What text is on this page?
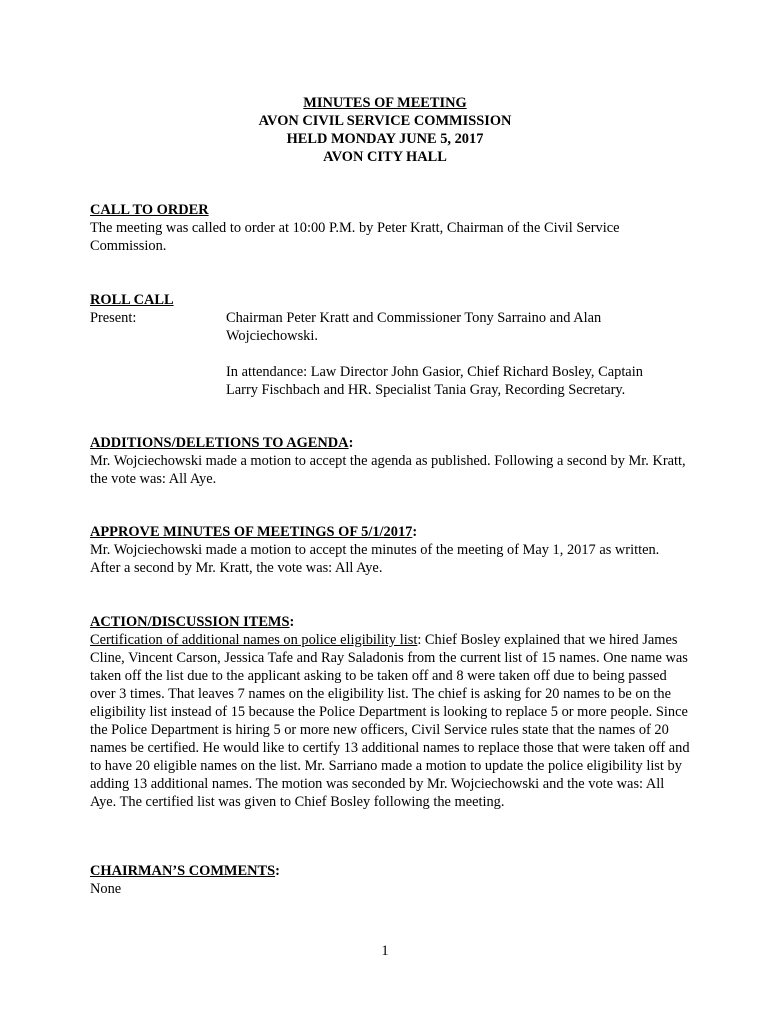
MINUTES OF MEETING
AVON CIVIL SERVICE COMMISSION
HELD MONDAY JUNE 5, 2017
AVON CITY HALL
CALL TO ORDER

The meeting was called to order at 10:00 P.M. by Peter Kratt, Chairman of the Civil Service Commission.

ROLL CALL
Present:	Chairman Peter Kratt and Commissioner Tony Sarraino and Alan Wojciechowski.

In attendance: Law Director John Gasior, Chief Richard Bosley, Captain Larry Fischbach and HR. Specialist Tania Gray, Recording Secretary.

ADDITIONS/DELETIONS TO AGENDA:

Mr. Wojciechowski made a motion to accept the agenda as published. Following a second by Mr. Kratt, the vote was: All Aye.

APPROVE MINUTES OF MEETINGS OF 5/1/2017:

Mr. Wojciechowski made a motion to accept the minutes of the meeting of May 1, 2017 as written. After a second by Mr. Kratt, the vote was: All Aye.

ACTION/DISCUSSION ITEMS:

Certification of additional names on police eligibility list: Chief Bosley explained that we hired James Cline, Vincent Carson, Jessica Tafe and Ray Saladonis from the current list of 15 names. One name was taken off the list due to the applicant asking to be taken off and 8 were taken off due to being passed over 3 times. That leaves 7 names on the eligibility list. The chief is asking for 20 names to be on the eligibility list instead of 15 because the Police Department is looking to replace 5 or more people. Since the Police Department is hiring 5 or more new officers, Civil Service rules state that the names of 20 names be certified. He would like to certify 13 additional names to replace those that were taken off and to have 20 eligible names on the list. Mr. Sarriano made a motion to update the police eligibility list by adding 13 additional names. The motion was seconded by Mr. Wojciechowski and the vote was: All Aye. The certified list was given to Chief Bosley following the meeting.

CHAIRMAN’S COMMENTS:

None

1
